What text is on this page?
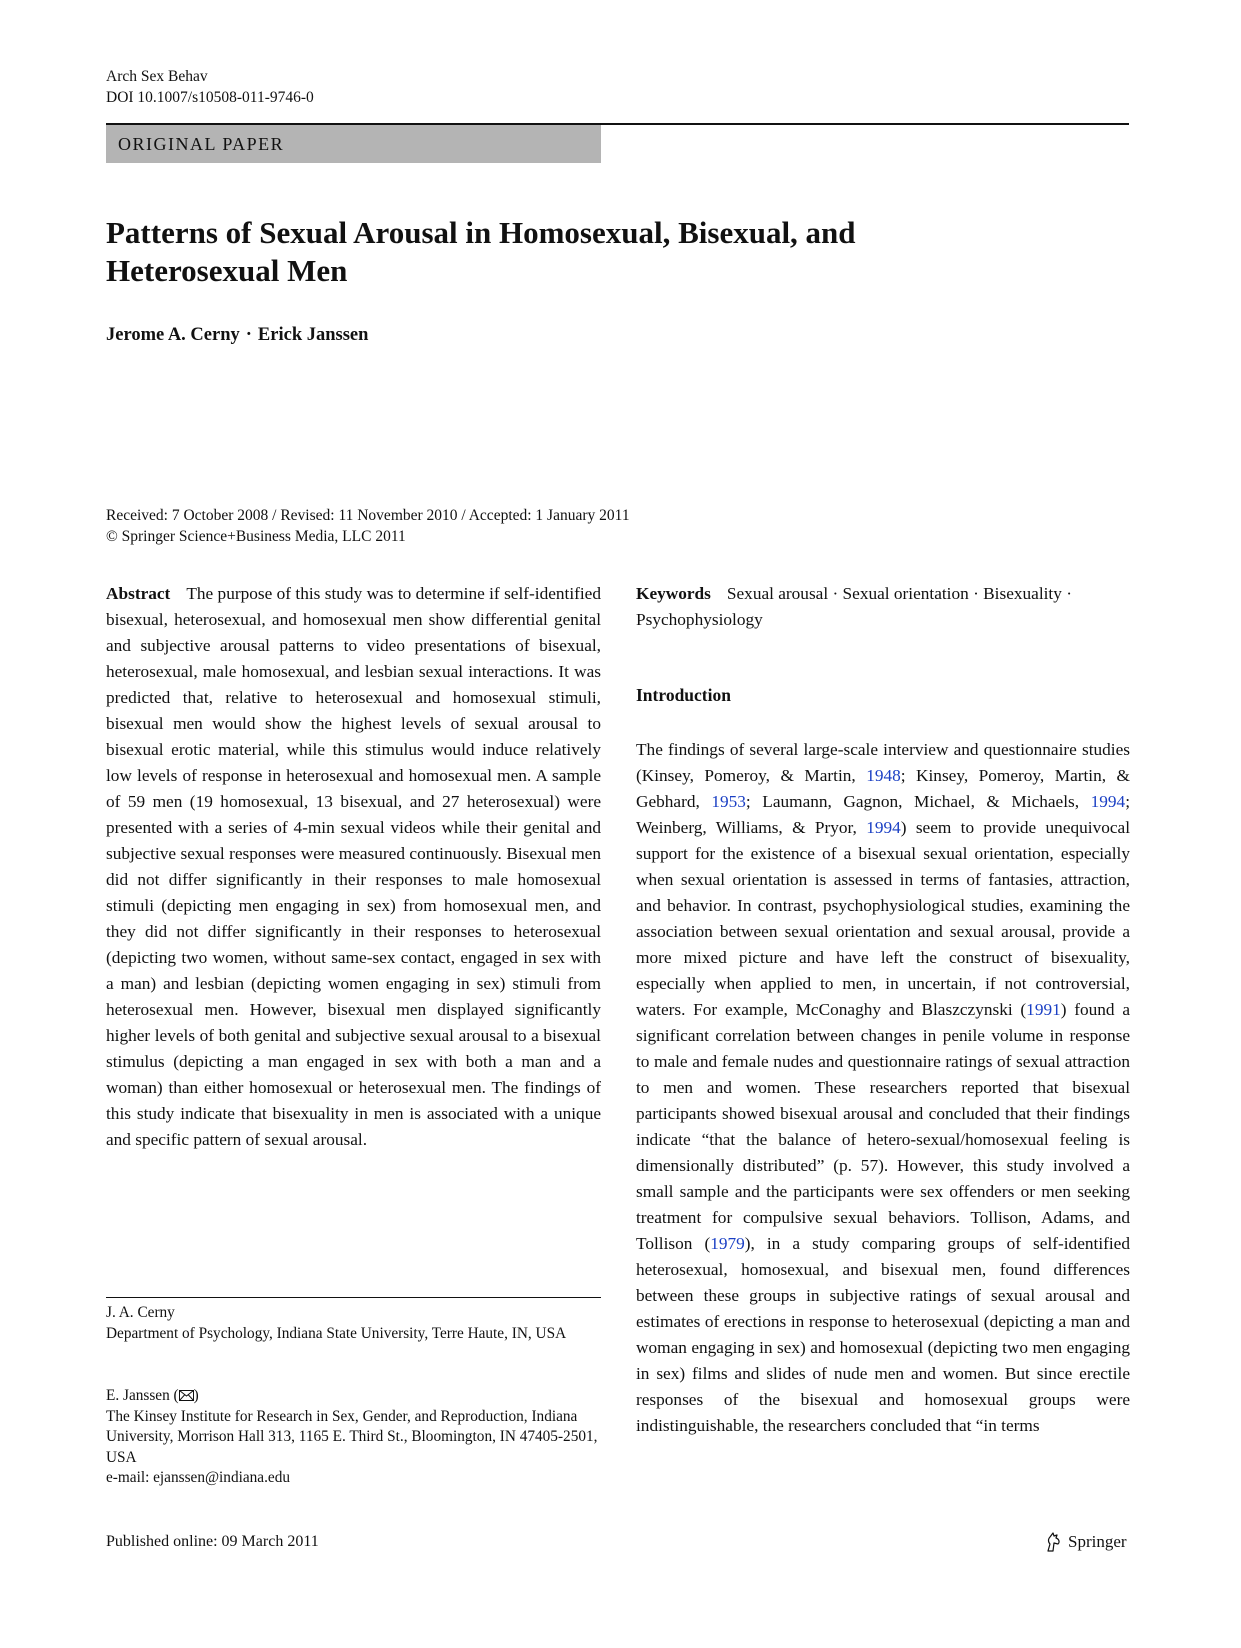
Arch Sex Behav
DOI 10.1007/s10508-011-9746-0
ORIGINAL PAPER
Patterns of Sexual Arousal in Homosexual, Bisexual, and Heterosexual Men
Jerome A. Cerny · Erick Janssen
Received: 7 October 2008 / Revised: 11 November 2010 / Accepted: 1 January 2011
© Springer Science+Business Media, LLC 2011
Abstract The purpose of this study was to determine if self-identified bisexual, heterosexual, and homosexual men show differential genital and subjective arousal patterns to video presentations of bisexual, heterosexual, male homosexual, and lesbian sexual interactions. It was predicted that, relative to heterosexual and homosexual stimuli, bisexual men would show the highest levels of sexual arousal to bisexual erotic material, while this stimulus would induce relatively low levels of response in heterosexual and homosexual men. A sample of 59 men (19 homosexual, 13 bisexual, and 27 heterosexual) were presented with a series of 4-min sexual videos while their genital and subjective sexual responses were measured continuously. Bisexual men did not differ significantly in their responses to male homosexual stimuli (depicting men engaging in sex) from homosexual men, and they did not differ significantly in their responses to heterosexual (depicting two women, without same-sex contact, engaged in sex with a man) and lesbian (depicting women engaging in sex) stimuli from heterosexual men. However, bisexual men displayed significantly higher levels of both genital and subjective sexual arousal to a bisexual stimulus (depicting a man engaged in sex with both a man and a woman) than either homosexual or heterosexual men. The findings of this study indicate that bisexuality in men is associated with a unique and specific pattern of sexual arousal.
Keywords Sexual arousal · Sexual orientation · Bisexuality · Psychophysiology
Introduction
The findings of several large-scale interview and questionnaire studies (Kinsey, Pomeroy, & Martin, 1948; Kinsey, Pomeroy, Martin, & Gebhard, 1953; Laumann, Gagnon, Michael, & Michaels, 1994; Weinberg, Williams, & Pryor, 1994) seem to provide unequivocal support for the existence of a bisexual sexual orientation, especially when sexual orientation is assessed in terms of fantasies, attraction, and behavior. In contrast, psychophysiological studies, examining the association between sexual orientation and sexual arousal, provide a more mixed picture and have left the construct of bisexuality, especially when applied to men, in uncertain, if not controversial, waters. For example, McConaghy and Blaszczynski (1991) found a significant correlation between changes in penile volume in response to male and female nudes and questionnaire ratings of sexual attraction to men and women. These researchers reported that bisexual participants showed bisexual arousal and concluded that their findings indicate “that the balance of hetero-sexual/homosexual feeling is dimensionally distributed” (p. 57). However, this study involved a small sample and the participants were sex offenders or men seeking treatment for compulsive sexual behaviors. Tollison, Adams, and Tollison (1979), in a study comparing groups of self-identified heterosexual, homosexual, and bisexual men, found differences between these groups in subjective ratings of sexual arousal and estimates of erections in response to heterosexual (depicting a man and woman engaging in sex) and homosexual (depicting two men engaging in sex) films and slides of nude men and women. But since erectile responses of the bisexual and homosexual groups were indistinguishable, the researchers concluded that “in terms
J. A. Cerny
Department of Psychology, Indiana State University, Terre Haute, IN, USA
E. Janssen ( )
The Kinsey Institute for Research in Sex, Gender, and Reproduction, Indiana University, Morrison Hall 313, 1165 E. Third St., Bloomington, IN 47405-2501, USA
e-mail: ejanssen@indiana.edu
Published online: 09 March 2011	Springer
